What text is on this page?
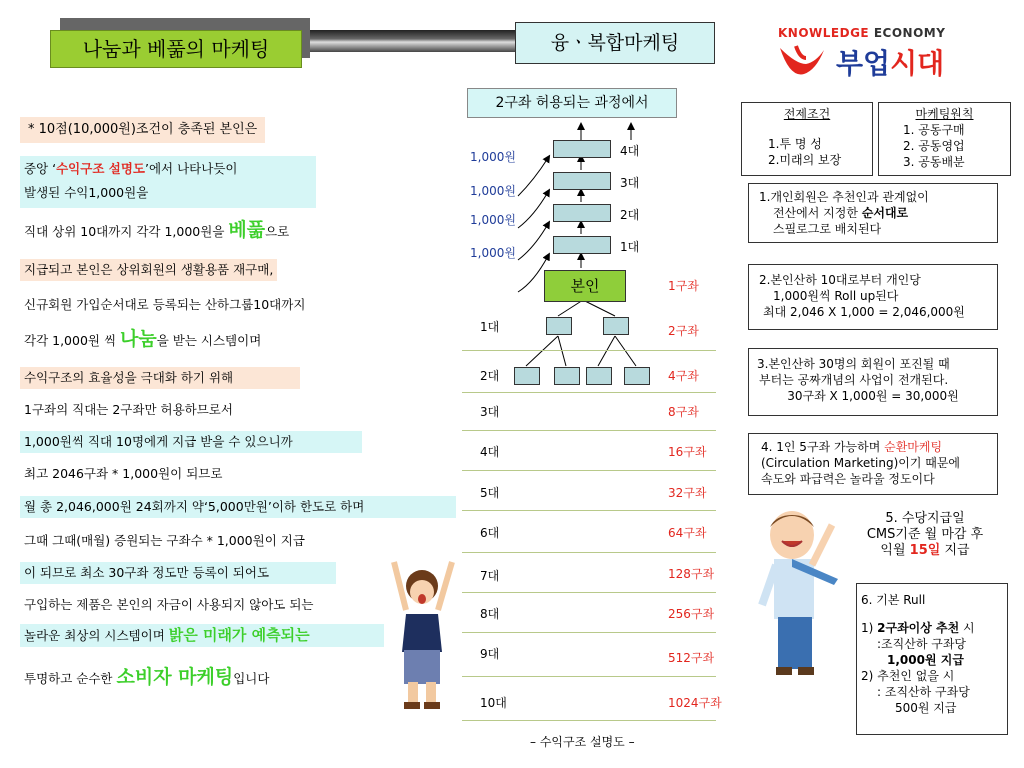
나눔과 베풂의 마케팅	융ㆍ복합마케팅	KNOWLEDGE ECONOMY
부업시대
* 10점(10,000원)조건이 충족된 본인은
중앙 ‘수익구조 설명도’에서 나타나듯이
발생된 수익1,000원을
직대 상위 10대까지 각각 1,000원을 베풂으로
지급되고 본인은 상위회원의 생활용품 재구매,
신규회원 가입순서대로 등록되는 산하그룹10대까지
각각 1,000원 씩 나눔을 받는 시스템이며
수익구조의 효율성을 극대화 하기 위해
1구좌의 직대는 2구좌만 허용하므로서
1,000원씩 직대 10명에게 지급 받을 수 있으니까
최고 2046구좌 * 1,000원이 되므로
월 총 2,046,000원 24회까지 약‘5,000만원’이하 한도로 하며
그때 그때(매월) 증원되는 구좌수 * 1,000원이 지급
이 되므로 최소 30구좌 정도만 등록이 되어도
구입하는 제품은 본인의 자금이 사용되지 않아도 되는
놀라운 최상의 시스템이며 밝은 미래가 예측되는
투명하고 순수한 소비자 마케팅입니다
2구좌 허용되는 과정에서
4대
3대
2대
1대
1,000원
1,000원
1,000원
1,000원
본인	1구좌
1대	2구좌
2대	4구좌
3대	8구좌
4대	16구좌
5대	32구좌
6대	64구좌
7대	128구좌
8대	256구좌
9대	512구좌
10대	1024구좌
– 수익구조 설명도 –
전제조건
1.투 명 성
2.미래의 보장
마케팅원칙
1. 공동구매
2. 공동영업
3. 공동배분
1.개인회원은 추천인과 관계없이
전산에서 지정한 순서대로
스필로그로 배치된다
2.본인산하 10대로부터 개인당
1,000원씩 Roll up된다
최대 2,046 X 1,000 = 2,046,000원
3.본인산하 30명의 회원이 포진될 때
부터는 공짜개념의 사업이 전개된다.
30구좌 X 1,000원 = 30,000원
4. 1인 5구좌 가능하며 순환마케팅
(Circulation Marketing)이기 때문에
속도와 파급력은 놀라울 정도이다
5. 수당지급일
CMS기준 월 마감 후
익월 15일 지급
6. 기본 Rull
1) 2구좌이상 추천 시
:조직산하 구좌당
1,000원 지급
2) 추천인 없을 시
: 조직산하 구좌당
500원 지급
